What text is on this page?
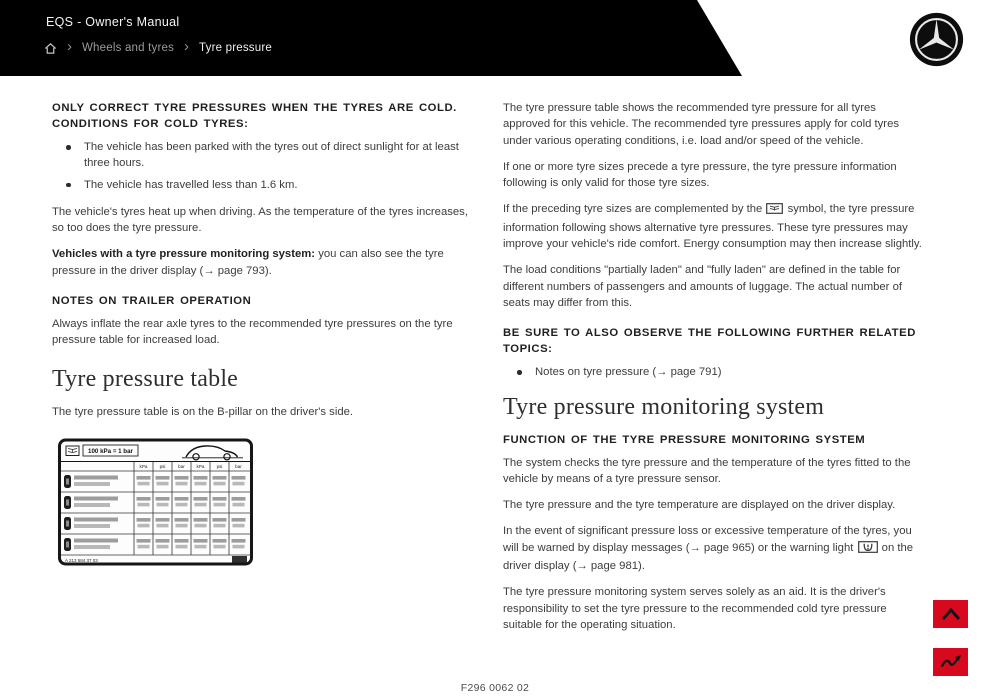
EQS - Owner's Manual
› Wheels and tyres › Tyre pressure
ONLY CORRECT TYRE PRESSURES WHEN THE TYRES ARE COLD. CONDITIONS FOR COLD TYRES:
The vehicle has been parked with the tyres out of direct sunlight for at least three hours.
The vehicle has travelled less than 1.6 km.

The vehicle's tyres heat up when driving. As the temperature of the tyres increases, so too does the tyre pressure.

Vehicles with a tyre pressure monitoring system: you can also see the tyre pressure in the driver display (→ page 793).

NOTES ON TRAILER OPERATION

Always inflate the rear axle tyres to the recommended tyre pressures on the tyre pressure table for increased load.

Tyre pressure table

The tyre pressure table is on the B-pillar on the driver's side.

100 kPa = 1 bar
kPa	psi	bar	kPa	psi	bar
A 213 584 37 03

The tyre pressure table shows the recommended tyre pressure for all tyres approved for this vehicle. The recommended tyre pressures apply for cold tyres under various operating conditions, i.e. load and/or speed of the vehicle.

If one or more tyre sizes precede a tyre pressure, the tyre pressure information following is only valid for those tyre sizes.

If the preceding tyre sizes are complemented by the symbol, the tyre pressure information following shows alternative tyre pressures. These tyre pressures may improve your vehicle's ride comfort. Energy consumption may then increase slightly.

The load conditions "partially laden" and "fully laden" are defined in the table for different numbers of passengers and amounts of luggage. The actual number of seats may differ from this.

BE SURE TO ALSO OBSERVE THE FOLLOWING FURTHER RELATED TOPICS:
Notes on tyre pressure (→ page 791)
Tyre pressure monitoring system
FUNCTION OF THE TYRE PRESSURE MONITORING SYSTEM

The system checks the tyre pressure and the temperature of the tyres fitted to the vehicle by means of a tyre pressure sensor.

The tyre pressure and the tyre temperature are displayed on the driver display.

In the event of significant pressure loss or excessive temperature of the tyres, you will be warned by display messages (→ page 965) or the warning light	on the driver display (→ page 981).

The tyre pressure monitoring system serves solely as an aid. It is the driver's responsibility to set the tyre pressure to the recommended cold tyre pressure suitable for the operating situation.

F296 0062 02
